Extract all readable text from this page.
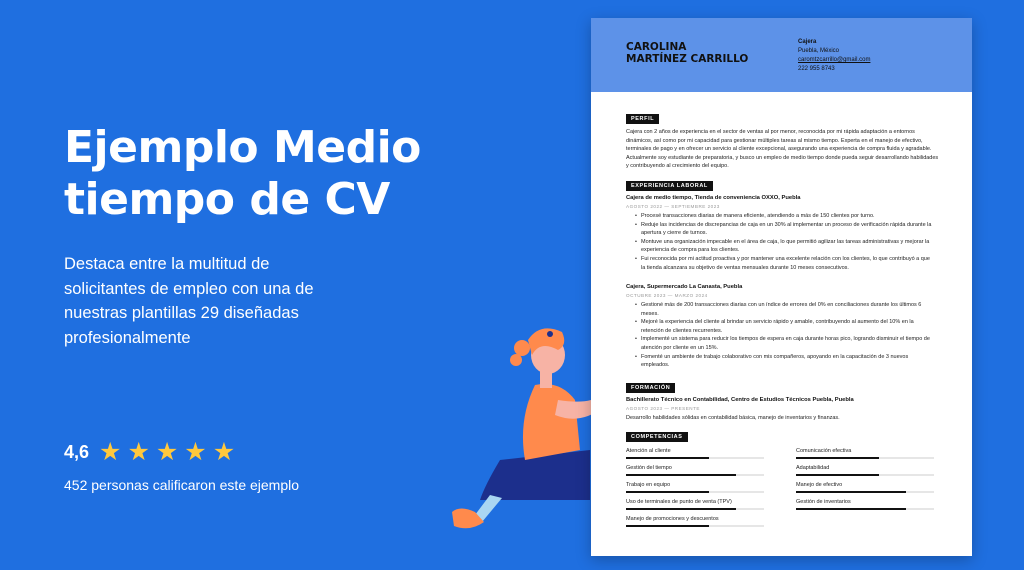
Ejemplo Medio tiempo de CV
Destaca entre la multitud de solicitantes de empleo con una de nuestras plantillas 29 diseñadas profesionalmente
4,6 ★ ★ ★ ★ ★
452 personas calificaron este ejemplo
CAROLINA
MARTÍNEZ CARRILLO
Cajera
Puebla, México
caromtzcarrillo@gmail.com
222 955 8743
PERFIL
Cajera con 2 años de experiencia en el sector de ventas al por menor, reconocida por mi rápida adaptación a entornos dinámicos, así como por mi capacidad para gestionar múltiples tareas al mismo tiempo. Experta en el manejo de efectivo, terminales de pago y en ofrecer un servicio al cliente excepcional, asegurando una experiencia de compra fluida y agradable. Actualmente soy estudiante de preparatoria, y busco un empleo de medio tiempo donde pueda seguir desarrollando habilidades y contribuyendo al crecimiento del equipo.
EXPERIENCIA LABORAL
Cajera de medio tiempo, Tienda de conveniencia OXXO, Puebla
AGOSTO 2022 — SEPTIEMBRE 2023
• Procesé transacciones diarias de manera eficiente, atendiendo a más de 150 clientes por turno.
• Reduje las incidencias de discrepancias de caja en un 30% al implementar un proceso de verificación rápida durante la apertura y cierre de turnos.
• Montuve una organización impecable en el área de caja, lo que permitió agilizar las tareas administrativas y mejorar la experiencia de compra para los clientes.
• Fui reconocida por mi actitud proactiva y por mantener una excelente relación con los clientes, lo que contribuyó a que la tienda alcanzara su objetivo de ventas mensuales durante 10 meses consecutivos.
Cajera, Supermercado La Canasta, Puebla
OCTUBRE 2023 — MARZO 2024
• Gestioné más de 200 transacciones diarias con un índice de errores del 0% en conciliaciones durante los últimos 6 meses.
• Mejoré la experiencia del cliente al brindar un servicio rápido y amable, contribuyendo al aumento del 10% en la retención de clientes recurrentes.
• Implementé un sistema para reducir los tiempos de espera en caja durante horas pico, logrando disminuir el tiempo de atención por cliente en un 15%.
• Fomenté un ambiente de trabajo colaborativo con mis compañeros, apoyando en la capacitación de 3 nuevos empleados.
FORMACIÓN
Bachillerato Técnico en Contabilidad, Centro de Estudios Técnicos Puebla, Puebla
AGOSTO 2023 — PRESENTE
Desarrollo habilidades sólidas en contabilidad básica, manejo de inventarios y finanzas.
COMPETENCIAS
Atención al cliente	Comunicación efectiva
Gestión del tiempo	Adaptabilidad
Trabajo en equipo	Manejo de efectivo
Uso de terminales de punto de venta (TPV)	Gestión de inventarios
Manejo de promociones y descuentos
